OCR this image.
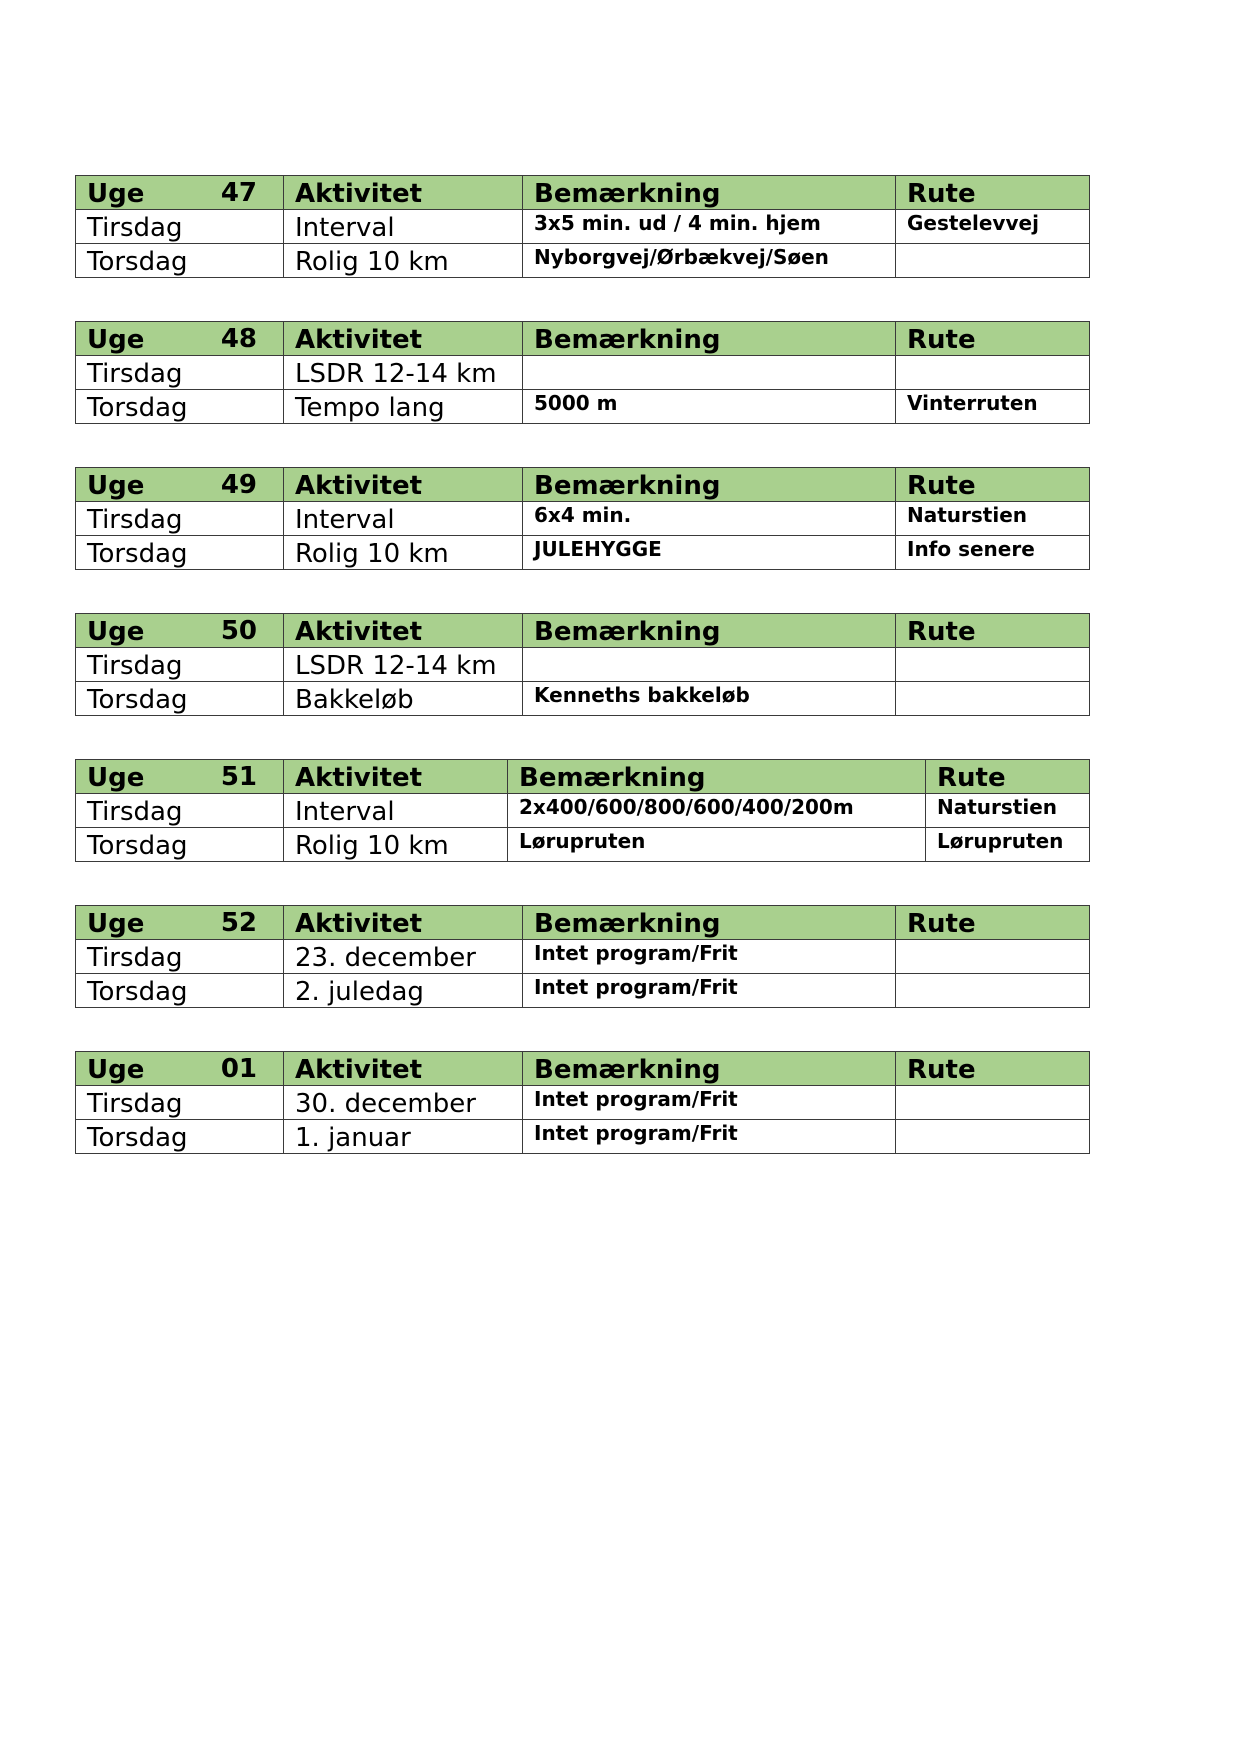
Uge 47	Aktivitet	Bemærkning	Rute
Tirsdag	Interval	3x5 min. ud / 4 min. hjem	Gestelevvej
Torsdag	Rolig 10 km	Nyborgvej/Ørbækvej/Søen	
Uge 48	Aktivitet	Bemærkning	Rute
Tirsdag	LSDR 12-14 km		
Torsdag	Tempo lang	5000 m	Vinterruten
Uge 49	Aktivitet	Bemærkning	Rute
Tirsdag	Interval	6x4 min.	Naturstien
Torsdag	Rolig 10 km	JULEHYGGE	Info senere
Uge 50	Aktivitet	Bemærkning	Rute
Tirsdag	LSDR 12-14 km		
Torsdag	Bakkeløb	Kenneths bakkeløb	
Uge 51	Aktivitet	Bemærkning	Rute
Tirsdag	Interval	2x400/600/800/600/400/200m	Naturstien
Torsdag	Rolig 10 km	Lørupruten	Lørupruten
Uge 52	Aktivitet	Bemærkning	Rute
Tirsdag	23. december	Intet program/Frit	
Torsdag	2. juledag	Intet program/Frit	
Uge 01	Aktivitet	Bemærkning	Rute
Tirsdag	30. december	Intet program/Frit	
Torsdag	1. januar	Intet program/Frit	
